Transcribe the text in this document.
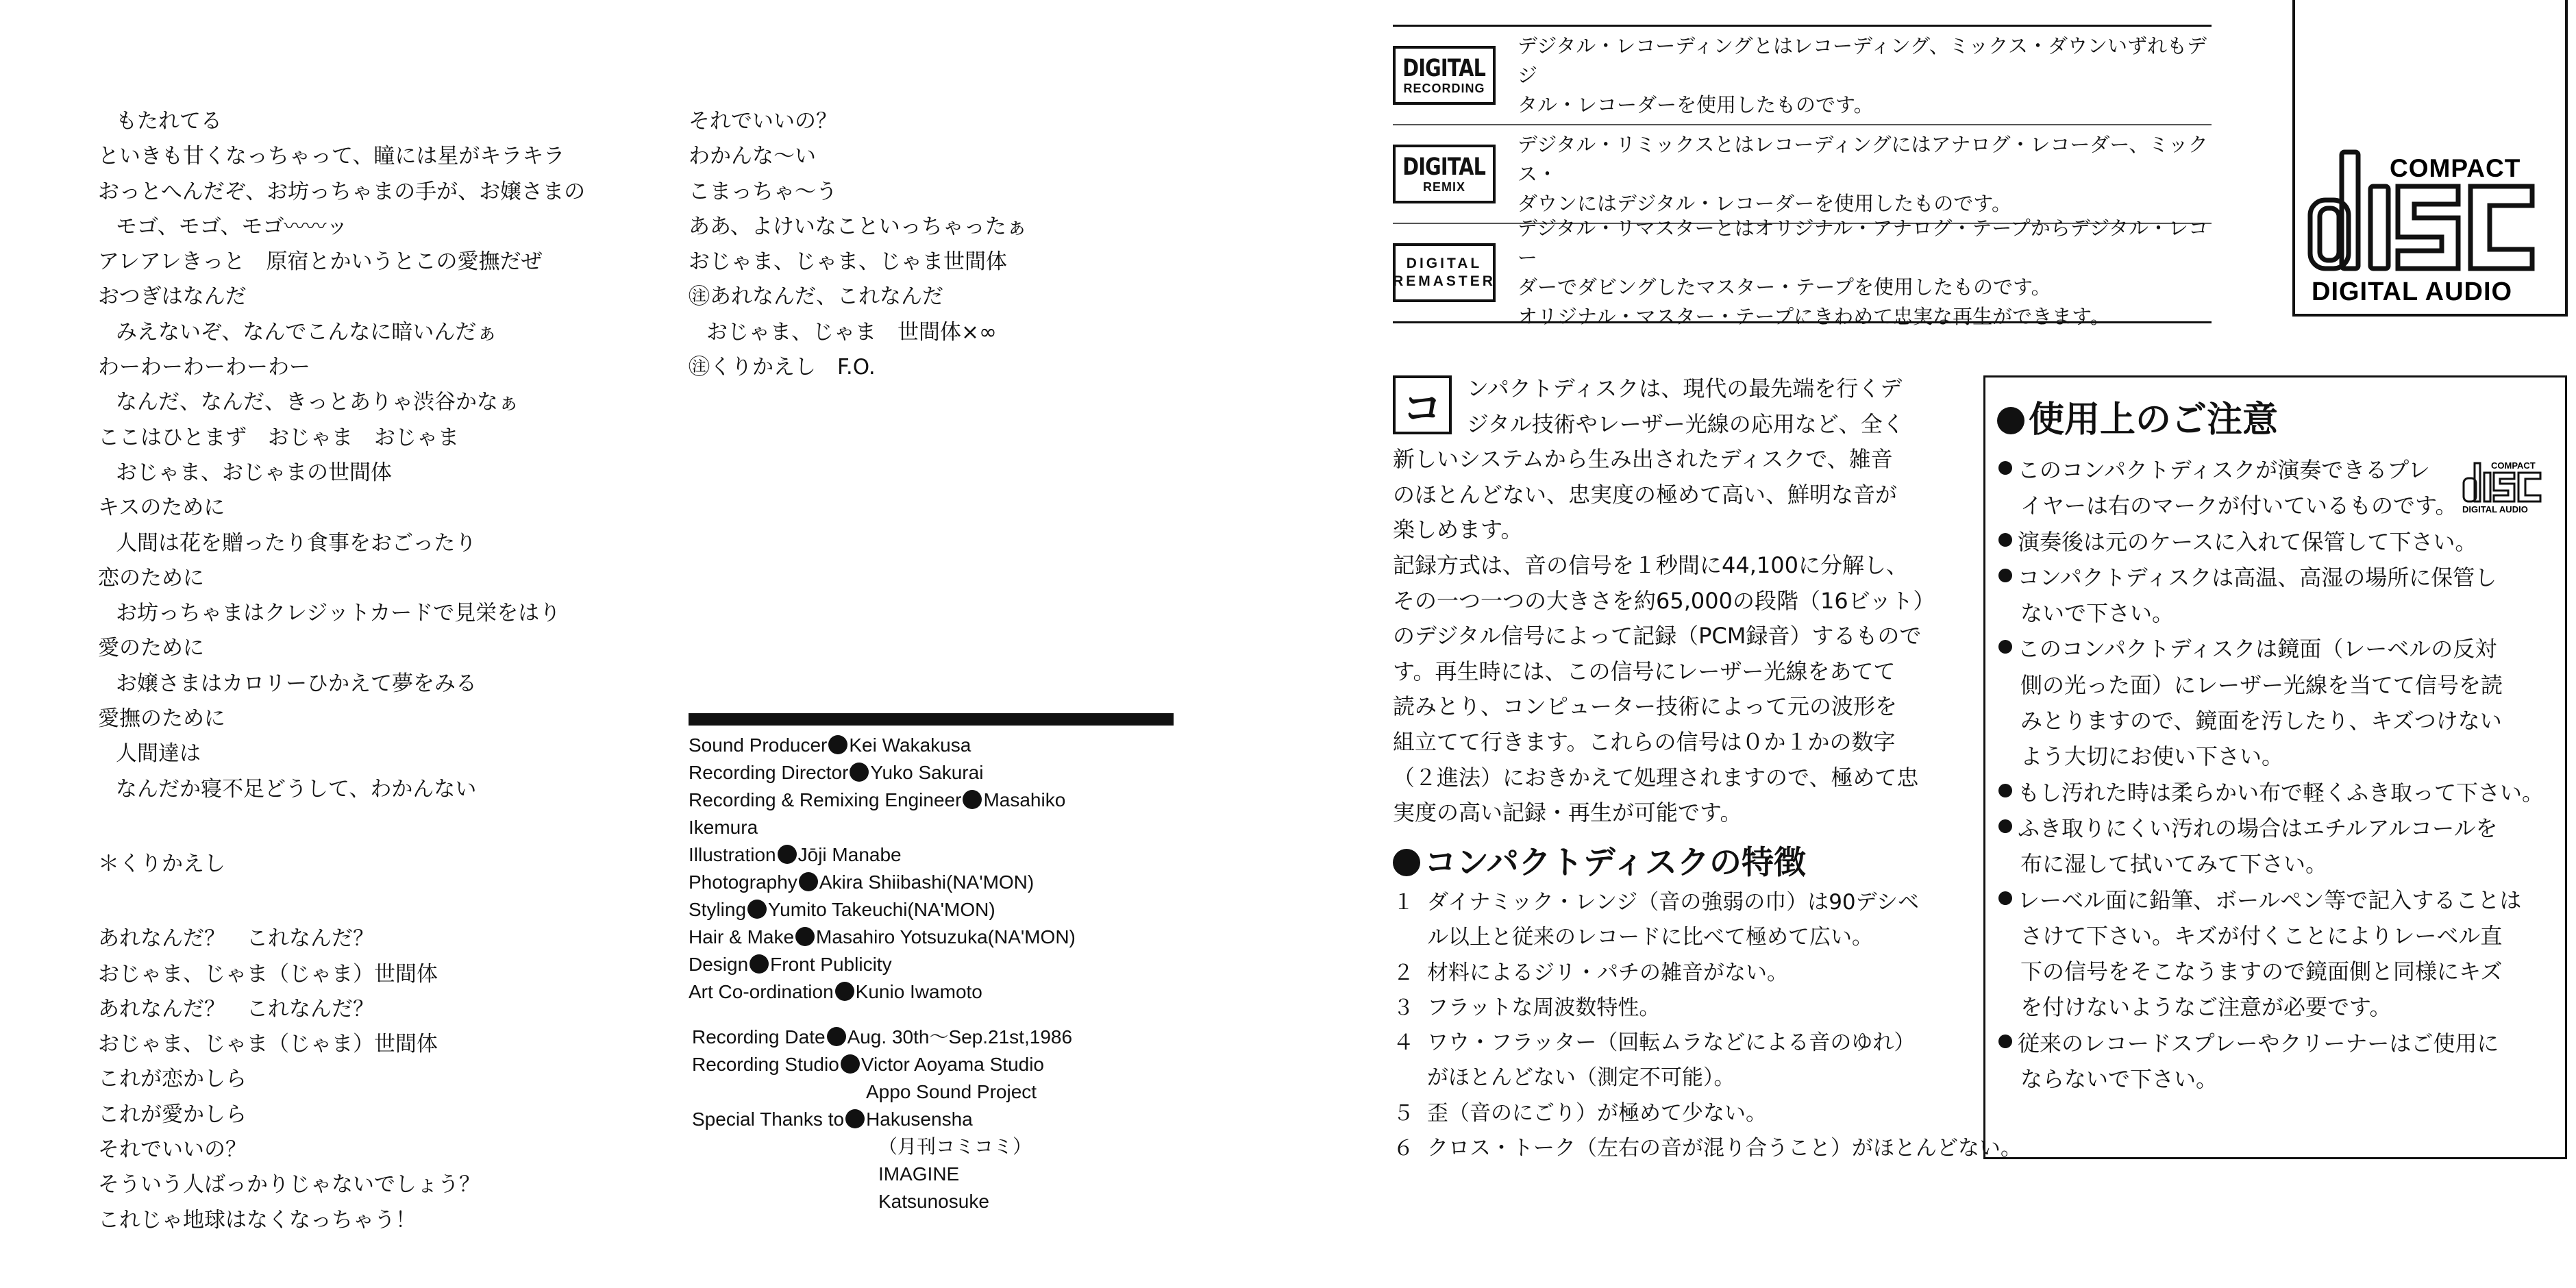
もたれてる
といきも甘くなっちゃって、瞳には星がキラキラ
おっとへんだぞ、お坊っちゃまの手が、お嬢さまの
モゴ、モゴ、モゴ〰〰ッ
アレアレきっと　原宿とかいうとこの愛撫だぜ
おつぎはなんだ
みえないぞ、なんでこんなに暗いんだぁ
わーわーわーわーわー
なんだ、なんだ、きっとありゃ渋谷かなぁ
ここはひとまず　おじゃま　おじゃま
おじゃま、おじゃまの世間体
キスのために
人間は花を贈ったり食事をおごったり
恋のために
お坊っちゃまはクレジットカードで見栄をはり
愛のために
お嬢さまはカロリーひかえて夢をみる
愛撫のために
人間達は
なんだか寝不足どうして、わかんない
＊くりかえし
あれなんだ？　これなんだ？
おじゃま、じゃま（じゃま）世間体
あれなんだ？　これなんだ？
おじゃま、じゃま（じゃま）世間体
これが恋かしら
これが愛かしら
それでいいの？
そういう人ばっかりじゃないでしょう？
これじゃ地球はなくなっちゃう！
それでいいの？
わかんな〜い
こまっちゃ〜う
ああ、よけいなこといっちゃったぁ
おじゃま、じゃま、じゃま世間体
㊟あれなんだ、これなんだ
おじゃま、じゃま　世間体×∞
㊟くりかえし　F.O.
Sound Producer Kei Wakakusa
Recording Director Yuko Sakurai
Recording & Remixing Engineer Masahiko
Ikemura
Illustration Jōji Manabe
Photography Akira Shiibashi(NA'MON)
Styling Yumito Takeuchi(NA'MON)
Hair & Make Masahiro Yotsuzuka(NA'MON)
Design Front Publicity
Art Co-ordination Kunio Iwamoto
Recording Date Aug. 30th〜Sep.21st,1986
Recording Studio Victor Aoyama Studio
Appo Sound Project
Special Thanks to Hakusensha
（月刊コミコミ）
IMAGINE
Katsunosuke
DIGITAL
RECORDING
デジタル・レコーディングとはレコーディング、ミックス・ダウンいずれもデジ
タル・レコーダーを使用したものです。
DIGITAL
REMIX
デジタル・リミックスとはレコーディングにはアナログ・レコーダー、ミックス・
ダウンにはデジタル・レコーダーを使用したものです。
DIGITAL
REMASTER
デジタル・リマスターとはオリジナル・アナログ・テープからデジタル・レコー
ダーでダビングしたマスター・テープを使用したものです。
オリジナル・マスター・テープにきわめて忠実な再生ができます。
COMPACT
DIGITAL AUDIO
コ	ンパクトディスクは、現代の最先端を行くデ
ジタル技術やレーザー光線の応用など、全く
新しいシステムから生み出されたディスクで、雑音
のほとんどない、忠実度の極めて高い、鮮明な音が
楽しめます。
記録方式は、音の信号を１秒間に44,100に分解し、
その一つ一つの大きさを約65,000の段階（16ビット）
のデジタル信号によって記録（PCM録音）するもので
す。再生時には、この信号にレーザー光線をあてて
読みとり、コンピューター技術によって元の波形を
組立てて行きます。これらの信号は０か１かの数字
（２進法）におきかえて処理されますので、極めて忠
実度の高い記録・再生が可能です。
コンパクトディスクの特徴
１ ダイナミック・レンジ（音の強弱の巾）は90デシベ
ル以上と従来のレコードに比べて極めて広い。
２ 材料によるジリ・パチの雑音がない。
３ フラットな周波数特性。
４ ワウ・フラッター（回転ムラなどによる音のゆれ）
がほとんどない（測定不可能）。
５ 歪（音のにごり）が極めて少ない。
６ クロス・トーク（左右の音が混り合うこと）がほとんどない。
使用上のご注意
このコンパクトディスクが演奏できるプレ
イヤーは右のマークが付いているものです。
演奏後は元のケースに入れて保管して下さい。
コンパクトディスクは高温、高湿の場所に保管し
ないで下さい。
このコンパクトディスクは鏡面（レーベルの反対
側の光った面）にレーザー光線を当てて信号を読
みとりますので、鏡面を汚したり、キズつけない
よう大切にお使い下さい。
もし汚れた時は柔らかい布で軽くふき取って下さい。
ふき取りにくい汚れの場合はエチルアルコールを
布に湿して拭いてみて下さい。
レーベル面に鉛筆、ボールペン等で記入することは
さけて下さい。キズが付くことによりレーベル直
下の信号をそこなうますので鏡面側と同様にキズ
を付けないようなご注意が必要です。
従来のレコードスプレーやクリーナーはご使用に
ならないで下さい。
COMPACT
DIGITAL AUDIO
